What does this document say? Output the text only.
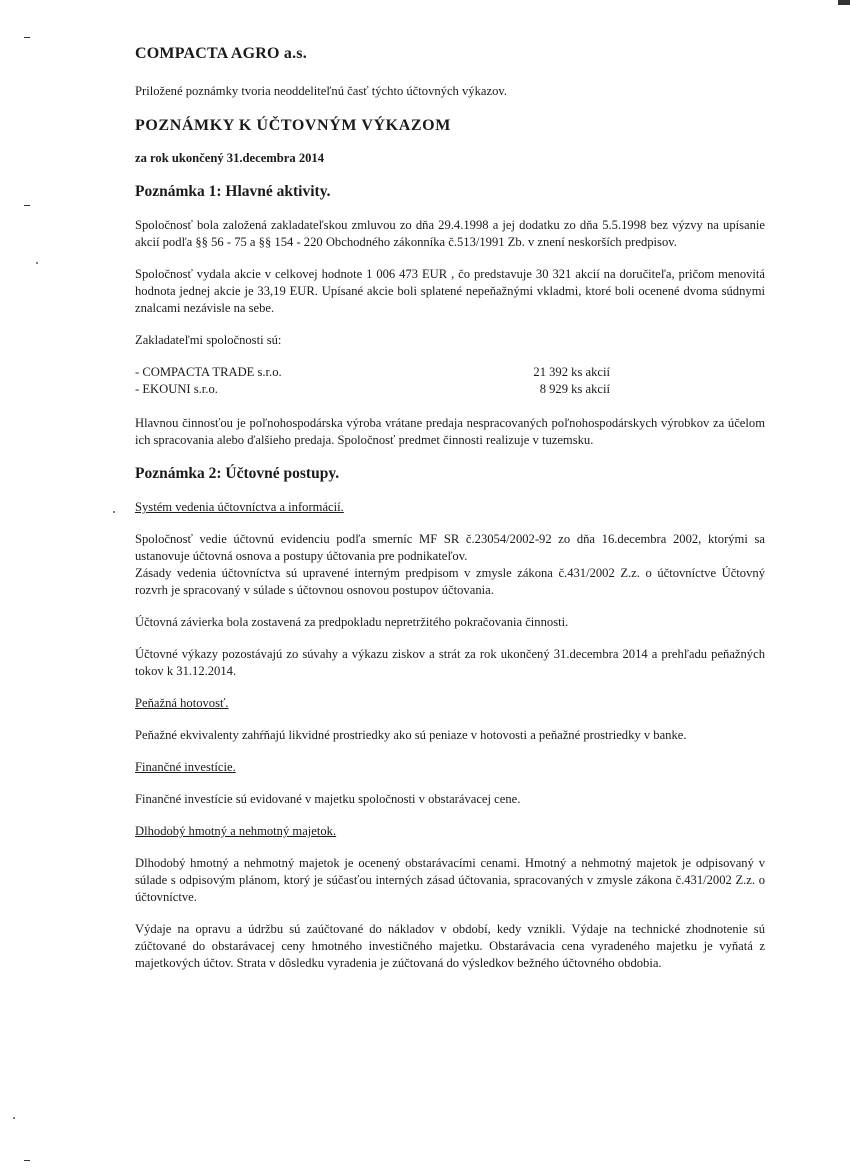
COMPACTA AGRO a.s.

Priložené poznámky tvoria neoddeliteľnú časť týchto účtovných výkazov.

POZNÁMKY K ÚČTOVNÝM VÝKAZOM

za rok ukončený 31.decembra 2014

Poznámka 1: Hlavné aktivity.

Spoločnosť bola založená zakladateľskou zmluvou zo dňa 29.4.1998 a jej dodatku zo dňa 5.5.1998 bez výzvy na upísanie akcií podľa §§ 56 - 75 a §§ 154 - 220 Obchodného zákonníka č.513/1991 Zb. v znení neskorších predpisov.

Spoločnosť vydala akcie v celkovej hodnote 1 006 473 EUR , čo predstavuje 30 321 akcií na doručiteľa, pričom menovitá hodnota jednej akcie je 33,19 EUR. Upísané akcie boli splatené nepeňažnými vkladmi, ktoré boli ocenené dvoma súdnymi znalcami nezávisle na sebe.

Zakladateľmi spoločnosti sú:

- COMPACTA TRADE s.r.o.	21 392 ks akcií
- EKOUNI s.r.o.	8 929 ks akcií

Hlavnou činnosťou je poľnohospodárska výroba vrátane predaja nespracovaných poľnohospodárskych výrobkov za účelom ich spracovania alebo ďalšieho predaja. Spoločnosť predmet činnosti realizuje v tuzemsku.

Poznámka 2: Účtovné postupy.

Systém vedenia účtovníctva a informácií.

Spoločnosť vedie účtovnú evidenciu podľa smerníc MF SR č.23054/2002-92 zo dňa 16.decembra 2002, ktorými sa ustanovuje účtovná osnova a postupy účtovania pre podnikateľov.

Zásady vedenia účtovníctva sú upravené interným predpisom v zmysle zákona č.431/2002 Z.z. o účtovníctve Účtovný rozvrh je spracovaný v súlade s účtovnou osnovou postupov účtovania.

Účtovná závierka bola zostavená za predpokladu nepretržitého pokračovania činnosti.

Účtovné výkazy pozostávajú zo súvahy a výkazu ziskov a strát za rok ukončený 31.decembra 2014 a prehľadu peňažných tokov k 31.12.2014.

Peňažná hotovosť.

Peňažné ekvivalenty zahŕňajú likvidné prostriedky ako sú peniaze v hotovosti a peňažné prostriedky v banke.

Finančné investície.

Finančné investície sú evidované v majetku spoločnosti v obstarávacej cene.

Dlhodobý hmotný a nehmotný majetok.

Dlhodobý hmotný a nehmotný majetok je ocenený obstarávacími cenami. Hmotný a nehmotný majetok je odpisovaný v súlade s odpisovým plánom, ktorý je súčasťou interných zásad účtovania, spracovaných v zmysle zákona č.431/2002 Z.z. o účtovníctve.

Výdaje na opravu a údržbu sú zaúčtované do nákladov v období, kedy vznikli. Výdaje na technické zhodnotenie sú zúčtované do obstarávacej ceny hmotného investičného majetku. Obstarávacia cena vyradeného majetku je vyňatá z majetkových účtov. Strata v dôsledku vyradenia je zúčtovaná do výsledkov bežného účtovného obdobia.
